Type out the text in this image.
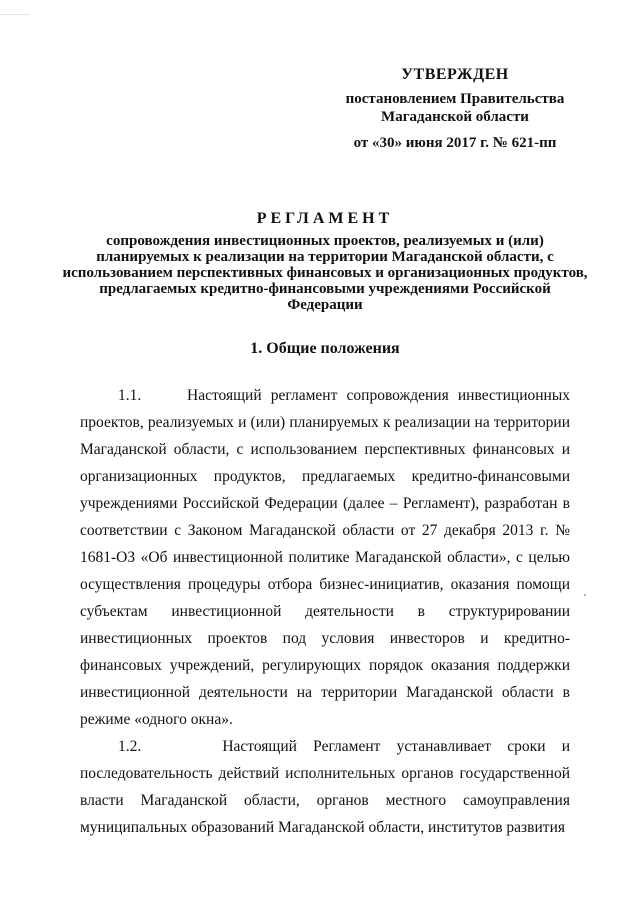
УТВЕРЖДЕН
постановлением Правительства
Магаданской области
от «30» июня 2017 г. № 621-пп
РЕГЛАМЕНТ
сопровождения инвестиционных проектов, реализуемых и (или) планируемых к реализации на территории Магаданской области, с использованием перспективных финансовых и организационных продуктов, предлагаемых кредитно-финансовыми учреждениями Российской Федерации
1. Общие положения

1.1.	Настоящий регламент сопровождения инвестиционных проектов, реализуемых и (или) планируемых к реализации на территории Магаданской области, с использованием перспективных финансовых и организационных продуктов, предлагаемых кредитно-финансовыми учреждениями Российской Федерации (далее – Регламент), разработан в соответствии с Законом Магаданской области от 27 декабря 2013 г. № 1681-ОЗ «Об инвестиционной политике Магаданской области», с целью осуществления процедуры отбора бизнес-инициатив, оказания помощи субъектам инвестиционной деятельности в структурировании инвестиционных проектов под условия инвесторов и кредитно-финансовых учреждений, регулирующих порядок оказания поддержки инвестиционной деятельности на территории Магаданской области в режиме «одного окна».

1.2.	Настоящий Регламент устанавливает сроки и последовательность действий исполнительных органов государственной власти Магаданской области, органов местного самоуправления муниципальных образований Магаданской области, институтов развития
